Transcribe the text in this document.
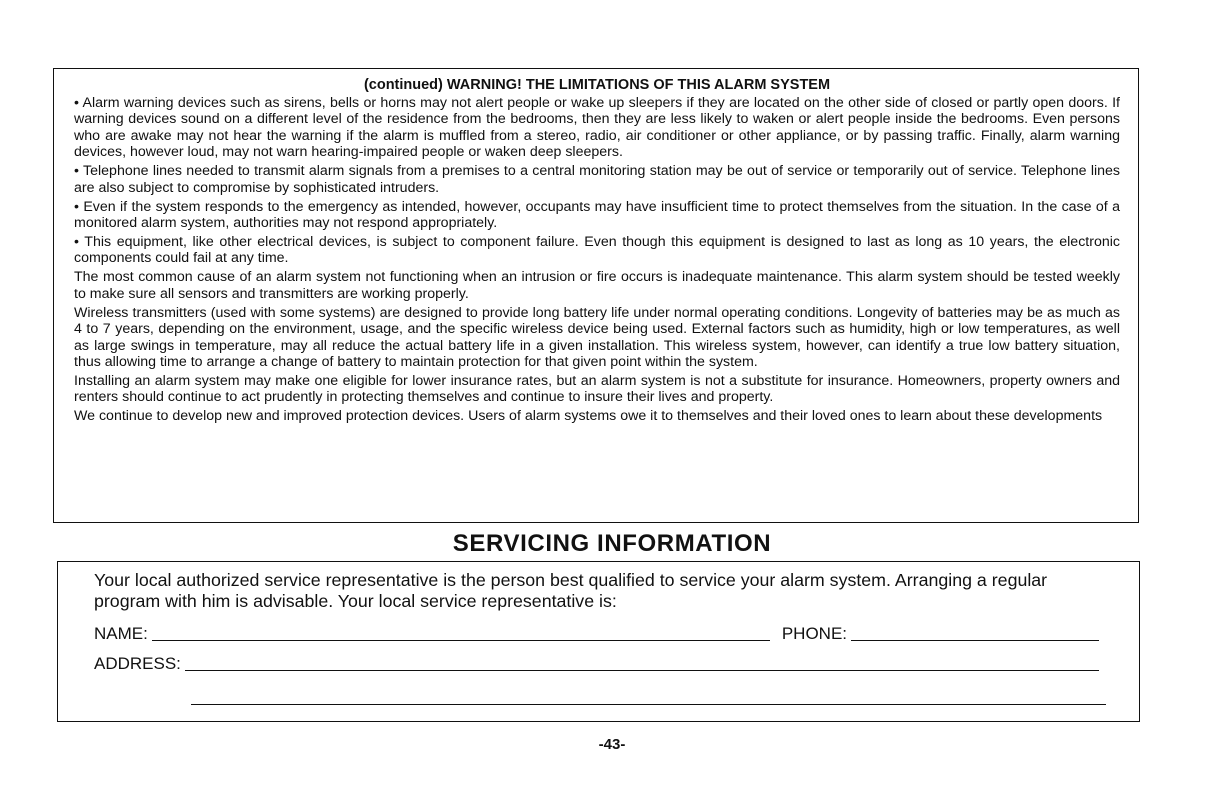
(continued) WARNING! THE LIMITATIONS OF THIS ALARM SYSTEM

• Alarm warning devices such as sirens, bells or horns may not alert people or wake up sleepers if they are located on the other side of closed or partly open doors. If warning devices sound on a different level of the residence from the bedrooms, then they are less likely to waken or alert people inside the bedrooms. Even persons who are awake may not hear the warning if the alarm is muffled from a stereo, radio, air conditioner or other appliance, or by passing traffic. Finally, alarm warning devices, however loud, may not warn hearing-impaired people or waken deep sleepers.

• Telephone lines needed to transmit alarm signals from a premises to a central monitoring station may be out of service or temporarily out of service. Telephone lines are also subject to compromise by sophisticated intruders.

• Even if the system responds to the emergency as intended, however, occupants may have insufficient time to protect themselves from the situation. In the case of a monitored alarm system, authorities may not respond appropriately.

• This equipment, like other electrical devices, is subject to component failure. Even though this equipment is designed to last as long as 10 years, the electronic components could fail at any time.

The most common cause of an alarm system not functioning when an intrusion or fire occurs is inadequate maintenance. This alarm system should be tested weekly to make sure all sensors and transmitters are working properly.

Wireless transmitters (used with some systems) are designed to provide long battery life under normal operating conditions. Longevity of batteries may be as much as 4 to 7 years, depending on the environment, usage, and the specific wireless device being used. External factors such as humidity, high or low temperatures, as well as large swings in temperature, may all reduce the actual battery life in a given installation. This wireless system, however, can identify a true low battery situation, thus allowing time to arrange a change of battery to maintain protection for that given point within the system.

Installing an alarm system may make one eligible for lower insurance rates, but an alarm system is not a substitute for insurance. Homeowners, property owners and renters should continue to act prudently in protecting themselves and continue to insure their lives and property.

We continue to develop new and improved protection devices. Users of alarm systems owe it to themselves and their loved ones to learn about these developments

SERVICING INFORMATION

Your local authorized service representative is the person best qualified to service your alarm system. Arranging a regular program with him is advisable. Your local service representative is:

NAME:	PHONE:
ADDRESS:
-43-
